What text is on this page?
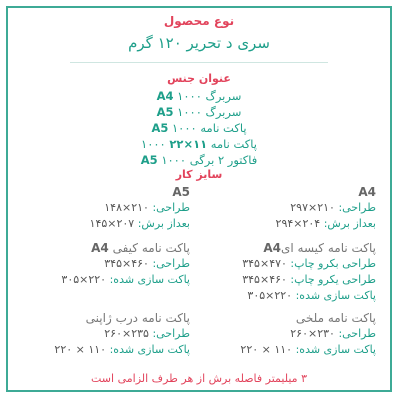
نوع محصول
سری د تحریر ۱۲۰ گرم
عنوان جنس
سربرگ A4 ۱۰۰۰
سربرگ A5 ۱۰۰۰
پاکت نامه A5 ۱۰۰۰
پاکت نامه ۱۱×۲۲ ۱۰۰۰
فاکتور ۲ برگی A5 ۱۰۰۰
سایز کار
A4
طراحی: ۲۱۰×۲۹۷
بعداز برش: ۲۰۴×۲۹۴
پاکت نامه کیسه ایA4
طراحی بکرو چاپ: ۴۷۰×۳۴۵
طراحی یکرو چاپ: ۴۶۰×۳۴۵
پاکت سازی شده: ۲۲۰×۳۰۵
پاکت نامه ملخی
طراحی: ۲۳۰×۲۶۰
پاکت سازی شده: ۱۱۰ × ۲۲۰
A5
طراحی: ۲۱۰×۱۴۸
بعداز برش: ۲۰۷×۱۴۵
پاکت نامه کیفی A4
طراحی: ۴۶۰×۳۴۵
پاکت سازی شده: ۲۲۰×۳۰۵
پاکت نامه درب ژاپنی
طراحی: ۲۳۵×۲۶۰
پاکت سازی شده: ۱۱۰ × ۲۲۰
۳ میلیمتر فاصله برش از هر طرف الزامی است
